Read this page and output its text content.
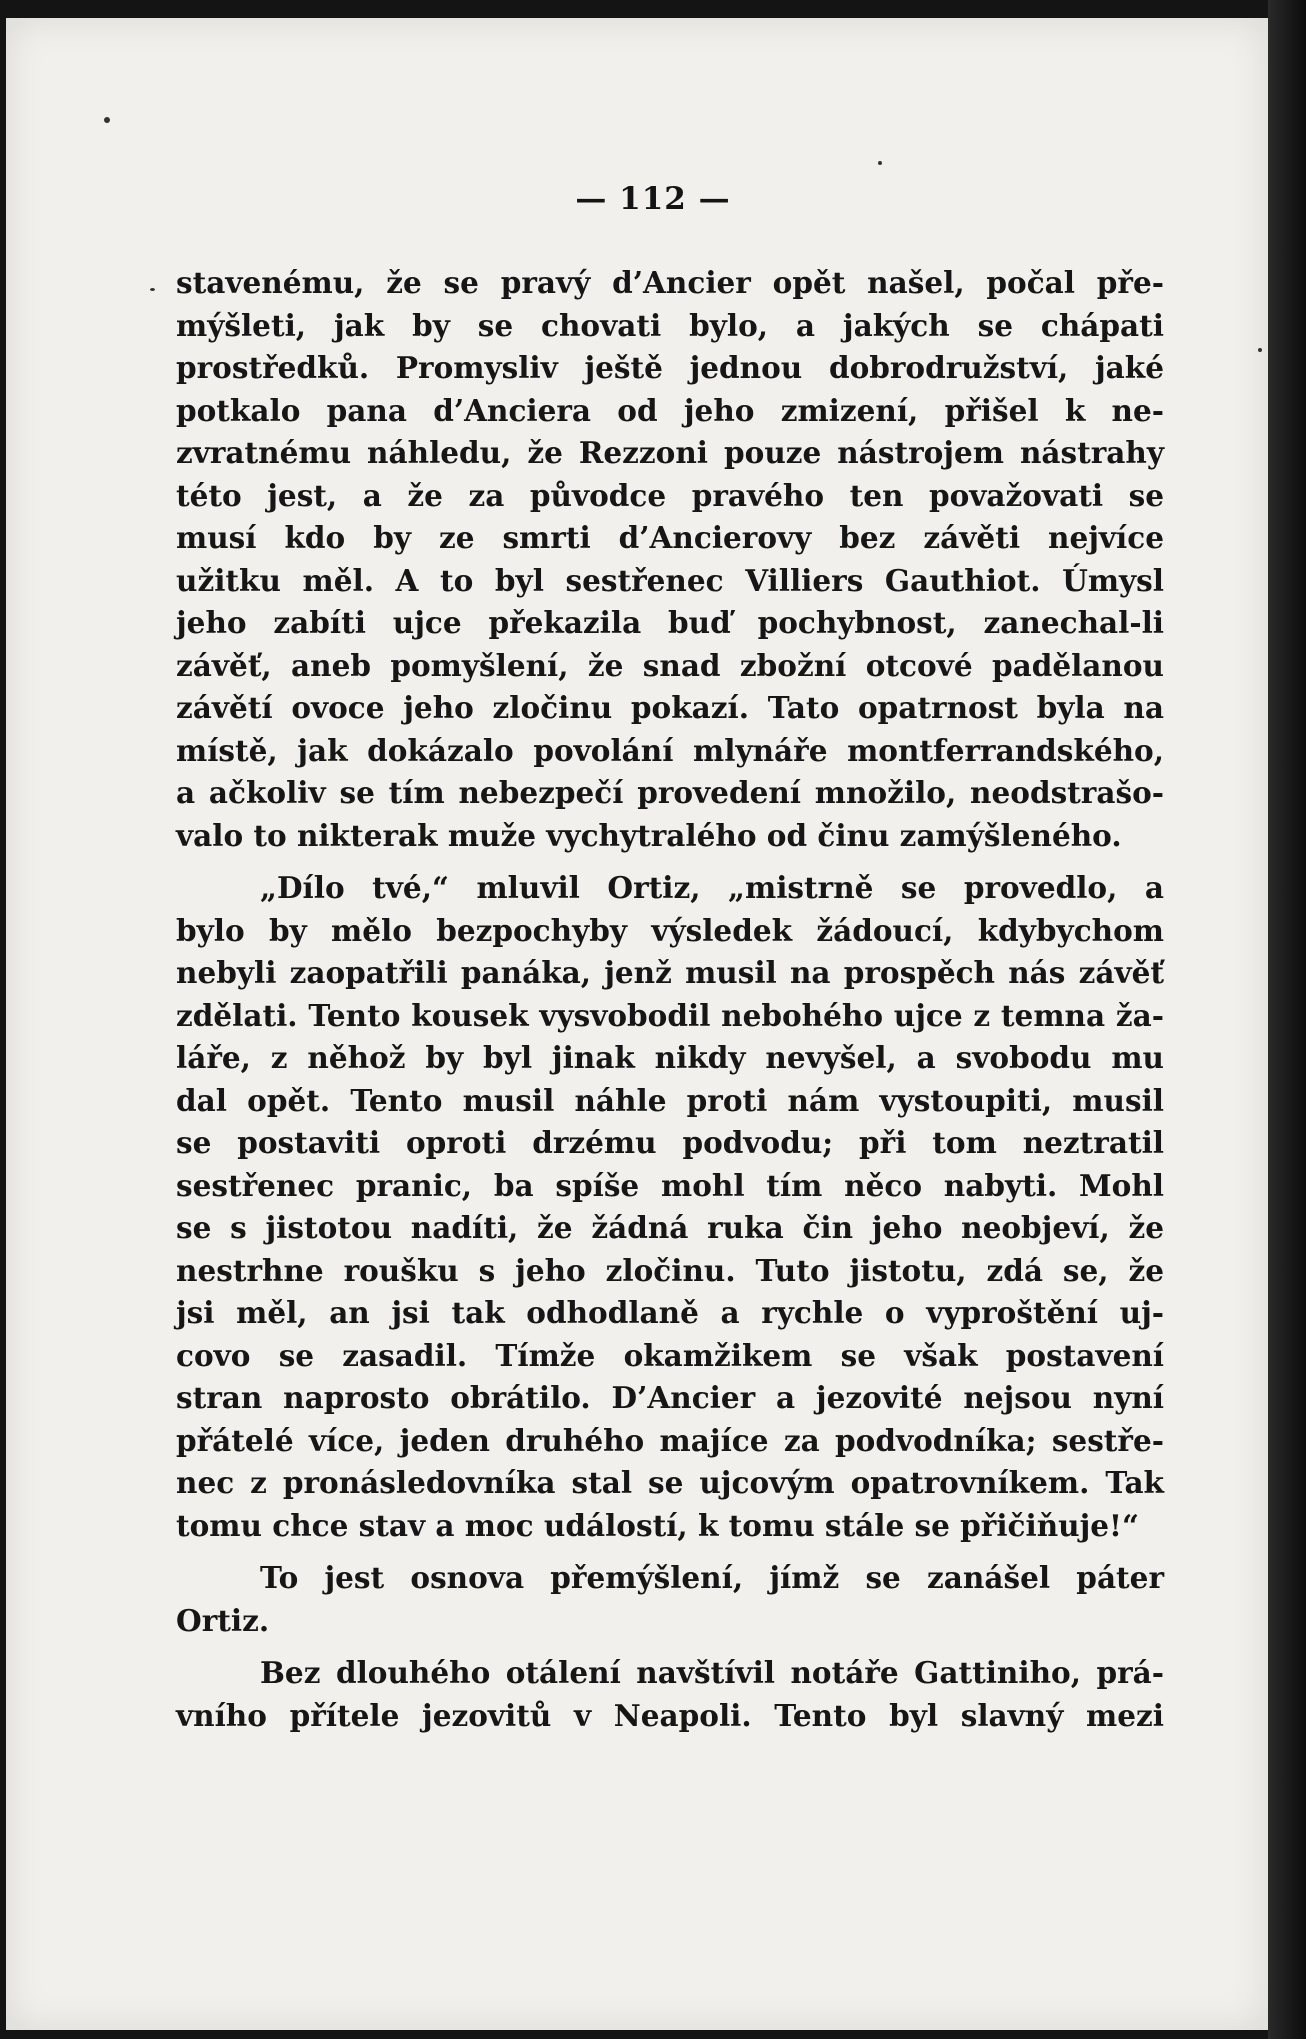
— 112 —
stavenému, že se pravý d’Ancier opět našel, počal pře-
mýšleti, jak by se chovati bylo, a jakých se chápati
prostředků. Promysliv ještě jednou dobrodružství, jaké
potkalo pana d’Anciera od jeho zmizení, přišel k ne-
zvratnému náhledu, že Rezzoni pouze nástrojem nástrahy
této jest, a že za původce pravého ten považovati se
musí kdo by ze smrti d’Ancierovy bez závěti nejvíce
užitku měl. A to byl sestřenec Villiers Gauthiot. Úmysl
jeho zabíti ujce překazila buď pochybnost, zanechal-li
závěť, aneb pomyšlení, že snad zbožní otcové padělanou
závětí ovoce jeho zločinu pokazí. Tato opatrnost byla na
místě, jak dokázalo povolání mlynáře montferrandského,
a ačkoliv se tím nebezpečí provedení množilo, neodstrašo-
valo to nikterak muže vychytralého od činu zamýšleného.
„Dílo tvé,“ mluvil Ortiz, „mistrně se provedlo, a
bylo by mělo bezpochyby výsledek žádoucí, kdybychom
nebyli zaopatřili panáka, jenž musil na prospěch nás závěť
zdělati. Tento kousek vysvobodil nebohého ujce z temna ža-
láře, z něhož by byl jinak nikdy nevyšel, a svobodu mu
dal opět. Tento musil náhle proti nám vystoupiti, musil
se postaviti oproti drzému podvodu; při tom neztratil
sestřenec pranic, ba spíše mohl tím něco nabyti. Mohl
se s jistotou nadíti, že žádná ruka čin jeho neobjeví, že
nestrhne roušku s jeho zločinu. Tuto jistotu, zdá se, že
jsi měl, an jsi tak odhodlaně a rychle o vyproštění uj-
covo se zasadil. Tímže okamžikem se však postavení
stran naprosto obrátilo. D’Ancier a jezovité nejsou nyní
přátelé více, jeden druhého majíce za podvodníka; sestře-
nec z pronásledovníka stal se ujcovým opatrovníkem. Tak
tomu chce stav a moc událostí, k tomu stále se přičiňuje!“
To jest osnova přemýšlení, jímž se zanášel páter
Ortiz.
Bez dlouhého otálení navštívil notáře Gattiniho, prá-
vního přítele jezovitů v Neapoli. Tento byl slavný mezi
